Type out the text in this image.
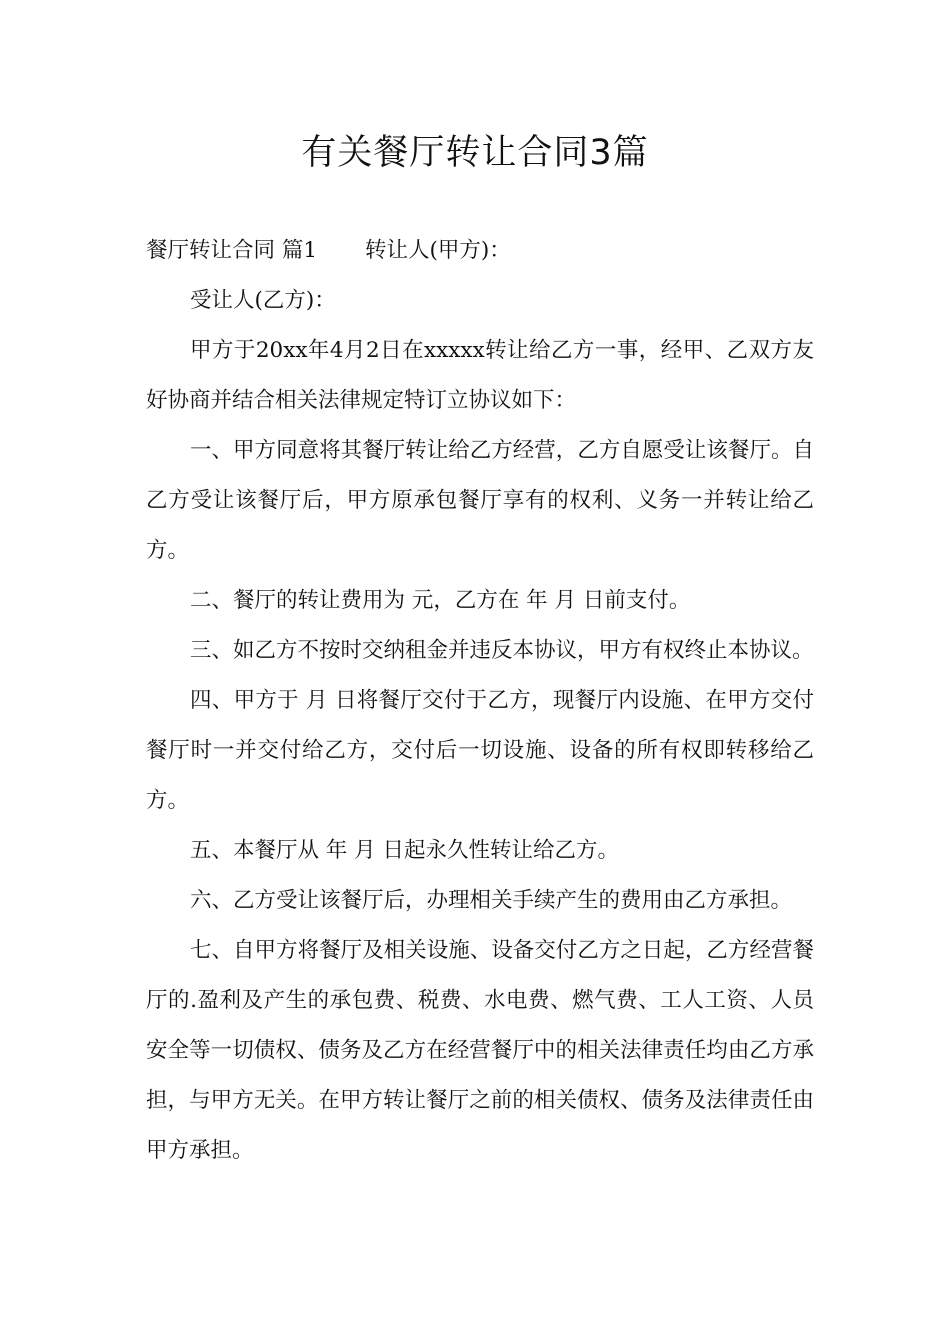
有关餐厅转让合同3篇

餐厅转让合同 篇1 转让人(甲方)：

受让人(乙方)：

甲方于20xx年4月2日在xxxxx转让给乙方一事，经甲、乙双方友好协商并结合相关法律规定特订立协议如下：

一、甲方同意将其餐厅转让给乙方经营，乙方自愿受让该餐厅。自乙方受让该餐厅后，甲方原承包餐厅享有的权利、义务一并转让给乙方。

二、餐厅的转让费用为 元，乙方在 年 月 日前支付。

三、如乙方不按时交纳租金并违反本协议，甲方有权终止本协议。

四、甲方于 月 日将餐厅交付于乙方，现餐厅内设施、在甲方交付餐厅时一并交付给乙方，交付后一切设施、设备的所有权即转移给乙方。

五、本餐厅从 年 月 日起永久性转让给乙方。

六、乙方受让该餐厅后，办理相关手续产生的费用由乙方承担。

七、自甲方将餐厅及相关设施、设备交付乙方之日起，乙方经营餐厅的.盈利及产生的承包费、税费、水电费、燃气费、工人工资、人员安全等一切债权、债务及乙方在经营餐厅中的相关法律责任均由乙方承担，与甲方无关。在甲方转让餐厅之前的相关债权、债务及法律责任由甲方承担。
